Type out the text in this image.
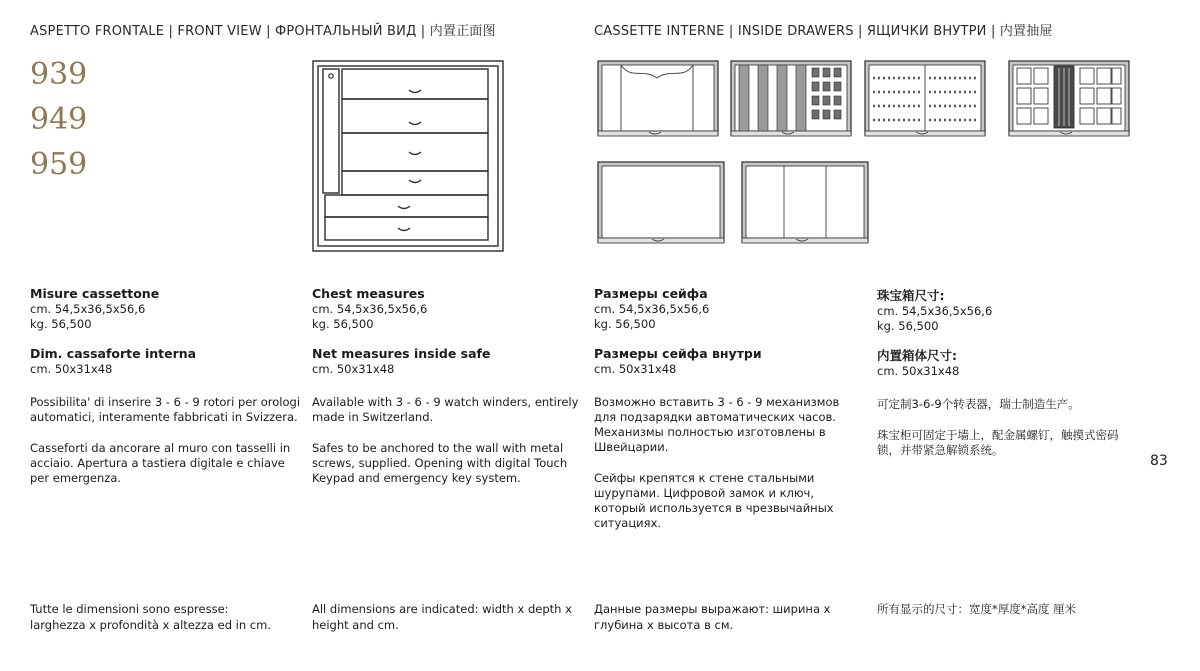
ASPETTO FRONTALE | FRONT VIEW | ФРОНТАЛЬНЫЙ ВИД | 内置正面图	CASSETTE INTERNE | INSIDE DRAWERS | ЯЩИЧКИ ВНУТРИ | 内置抽屉
939
949
959
Misure cassettone
cm. 54,5x36,5x56,6
kg. 56,500
Dim. cassaforte interna
cm. 50x31x48
Possibilita' di inserire 3 - 6 - 9 rotori per orologi automatici, interamente fabbricati in Svizzera.
Casseforti da ancorare al muro con tasselli in acciaio. Apertura a tastiera digitale e chiave per emergenza.
Chest measures
cm. 54,5x36,5x56,6
kg. 56,500
Net measures inside safe
cm. 50x31x48
Available with 3 - 6 - 9 watch winders, entirely made in Switzerland.
Safes to be anchored to the wall with metal screws, supplied. Opening with digital Touch Keypad and emergency key system.
Размеры сейфа
cm. 54,5x36,5x56,6
kg. 56,500
Размеры сейфа внутри
cm. 50x31x48
Возможно вставить 3 - 6 - 9 механизмов для подзарядки автоматических часов. Механизмы полностью изготовлены в Швейцарии.
Сейфы крепятся к стене стальными шурупами. Цифровой замок и ключ, который используется в чрезвычайных ситуациях.
珠宝箱尺寸:
cm. 54,5x36,5x56,6
kg. 56,500
内置箱体尺寸:
cm. 50x31x48
可定制3-6-9个转表器，瑞士制造生产。
珠宝柜可固定于墙上，配金属螺钉，触摸式密码锁，并带紧急解锁系统。
83
Tutte le dimensioni sono espresse: larghezza x profondità x altezza ed in cm.
All dimensions are indicated: width x depth x height and cm.
Данные размеры выражают: ширина x глубина x высота в см.
所有显示的尺寸：宽度*厚度*高度 厘米
